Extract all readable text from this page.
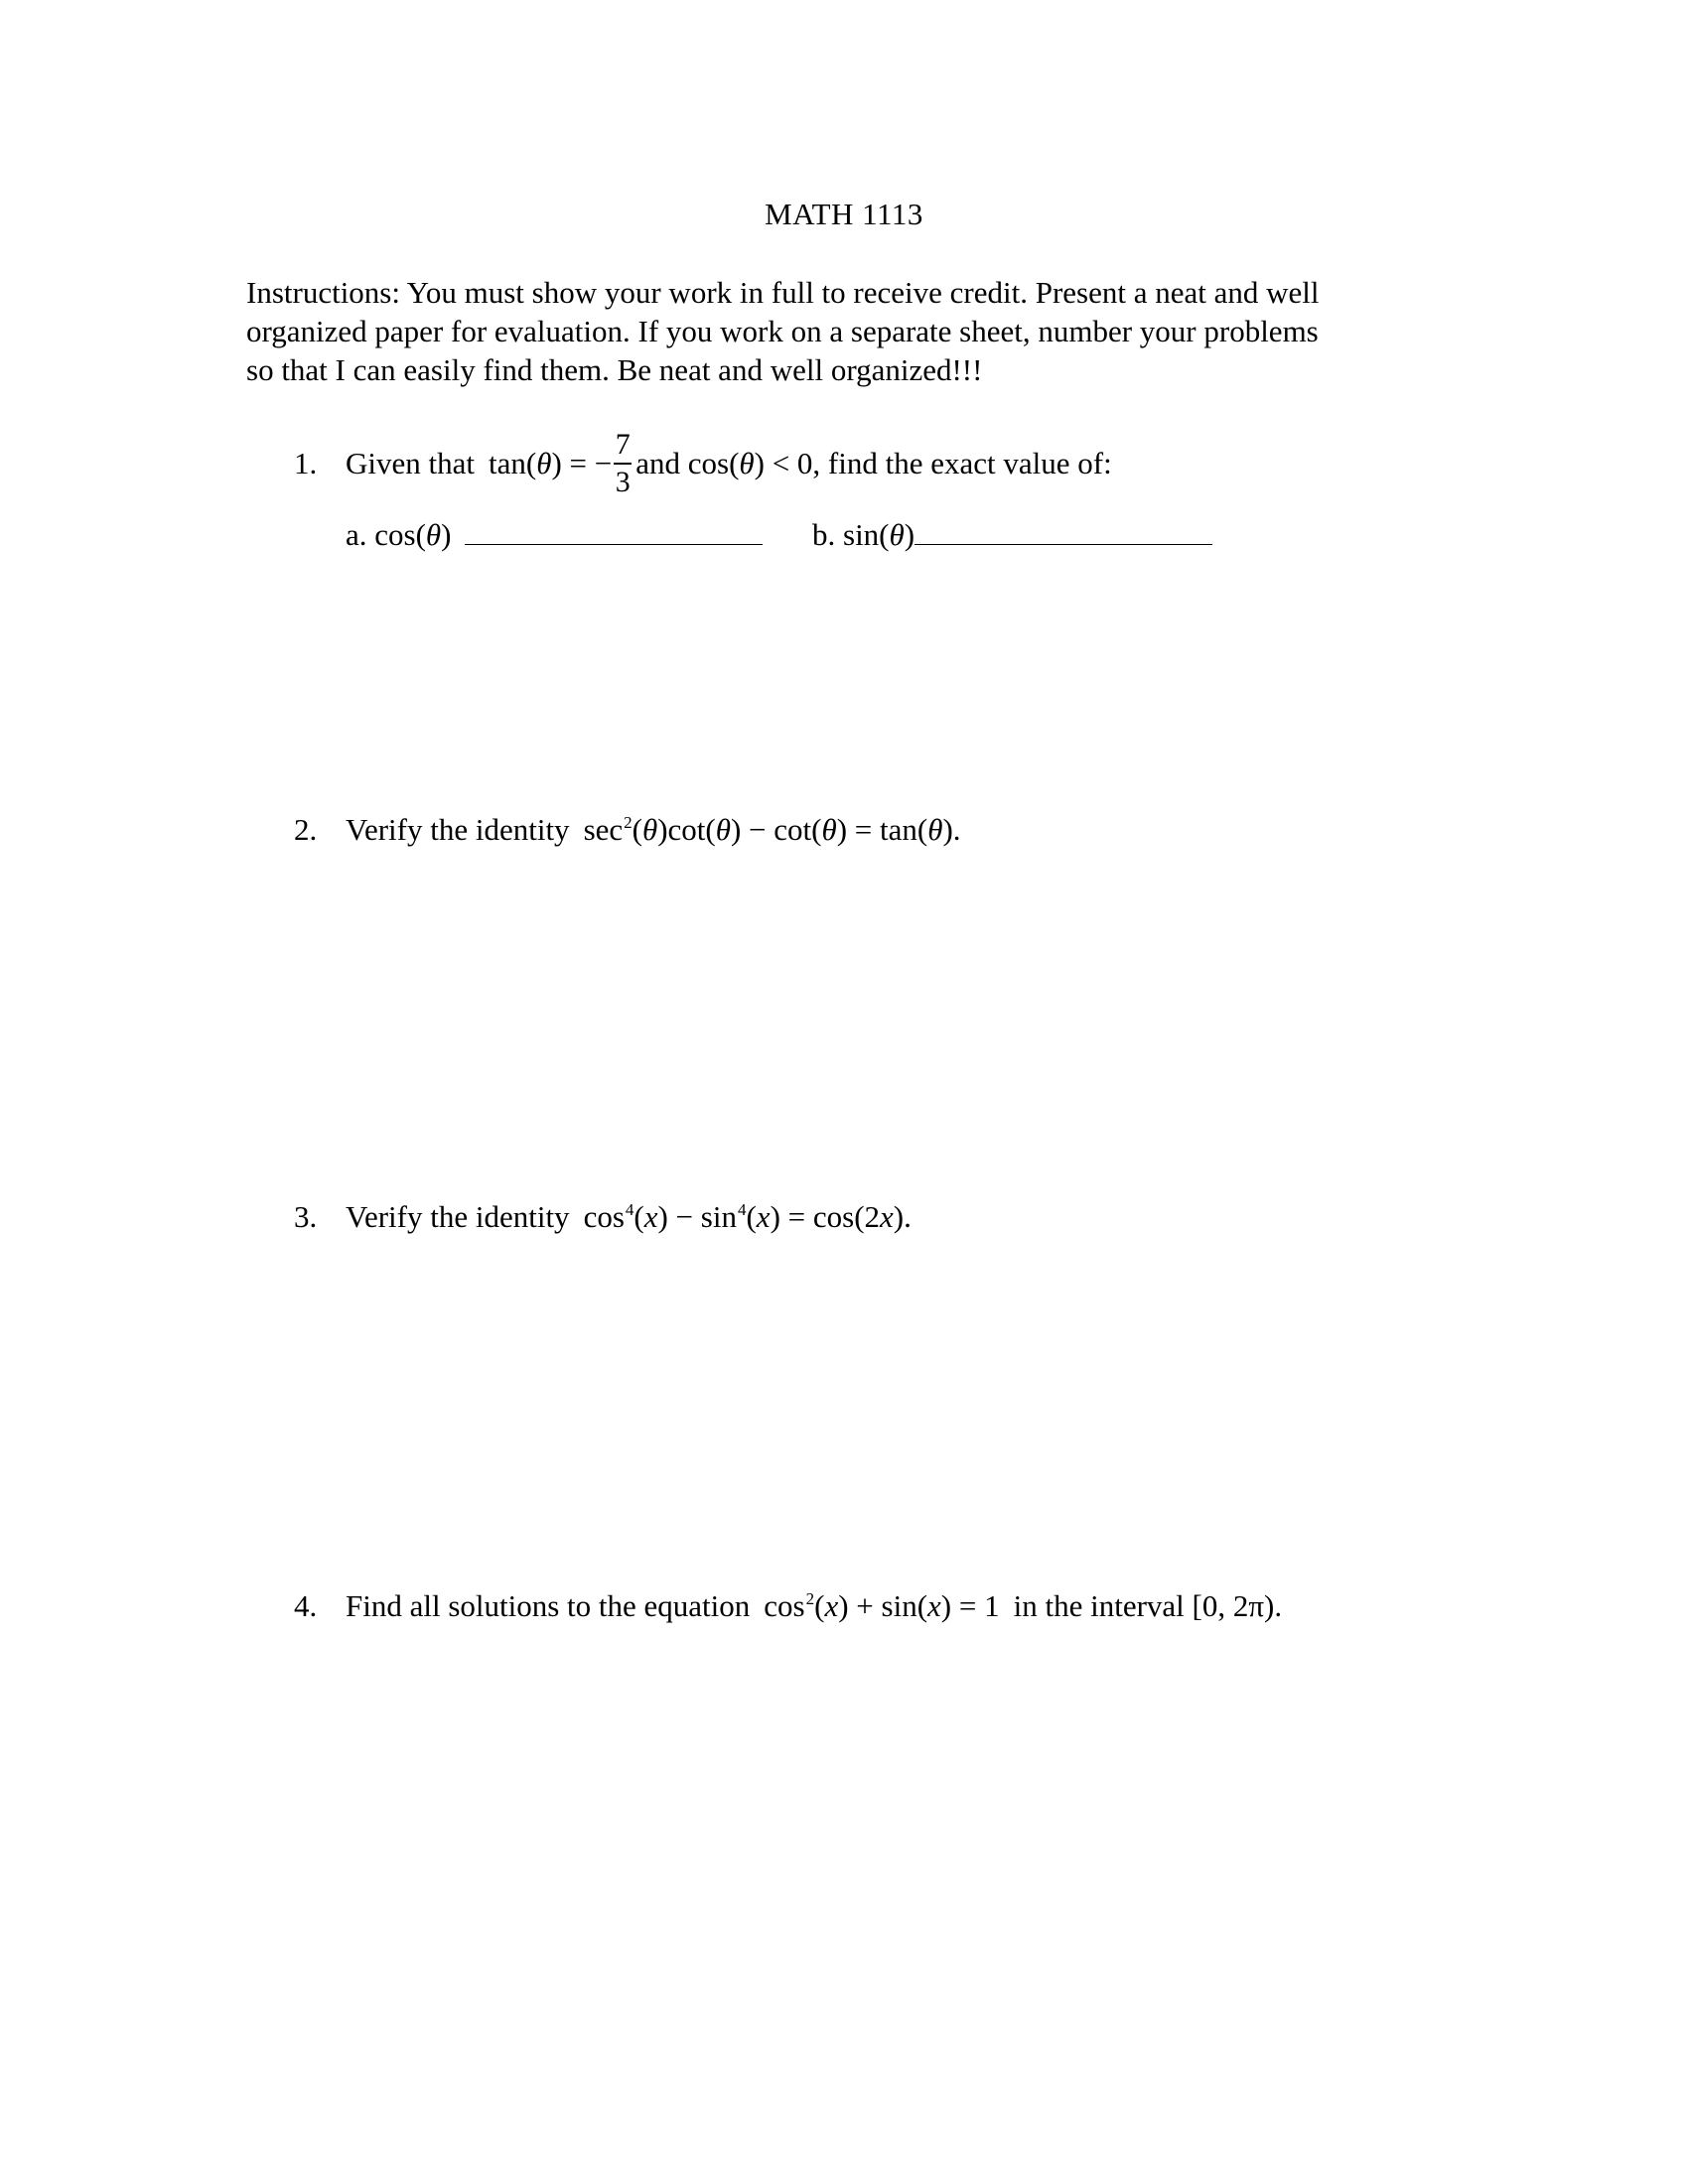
MATH 1113
Instructions: You must show your work in full to receive credit. Present a neat and well
organized paper for evaluation. If you work on a separate sheet, number your problems
so that I can easily find them. Be neat and well organized!!!
1. Given that tan(θ) = − $\frac{7}{3}$ and cos( θ ) < 0, find the exact value of:
a. cos(θ)	b. sin(θ)
2. Verify the identity $\sec^2(\theta)\cot(\theta) - \cot(\theta) = \tan(\theta)$.
3. Verify the identity $\cos^4(x) - \sin^4(x) = \cos(2x)$.
4. Find all solutions to the equation $\cos^2(x) + \sin(x) = 1$ in the interval [0, 2π).
